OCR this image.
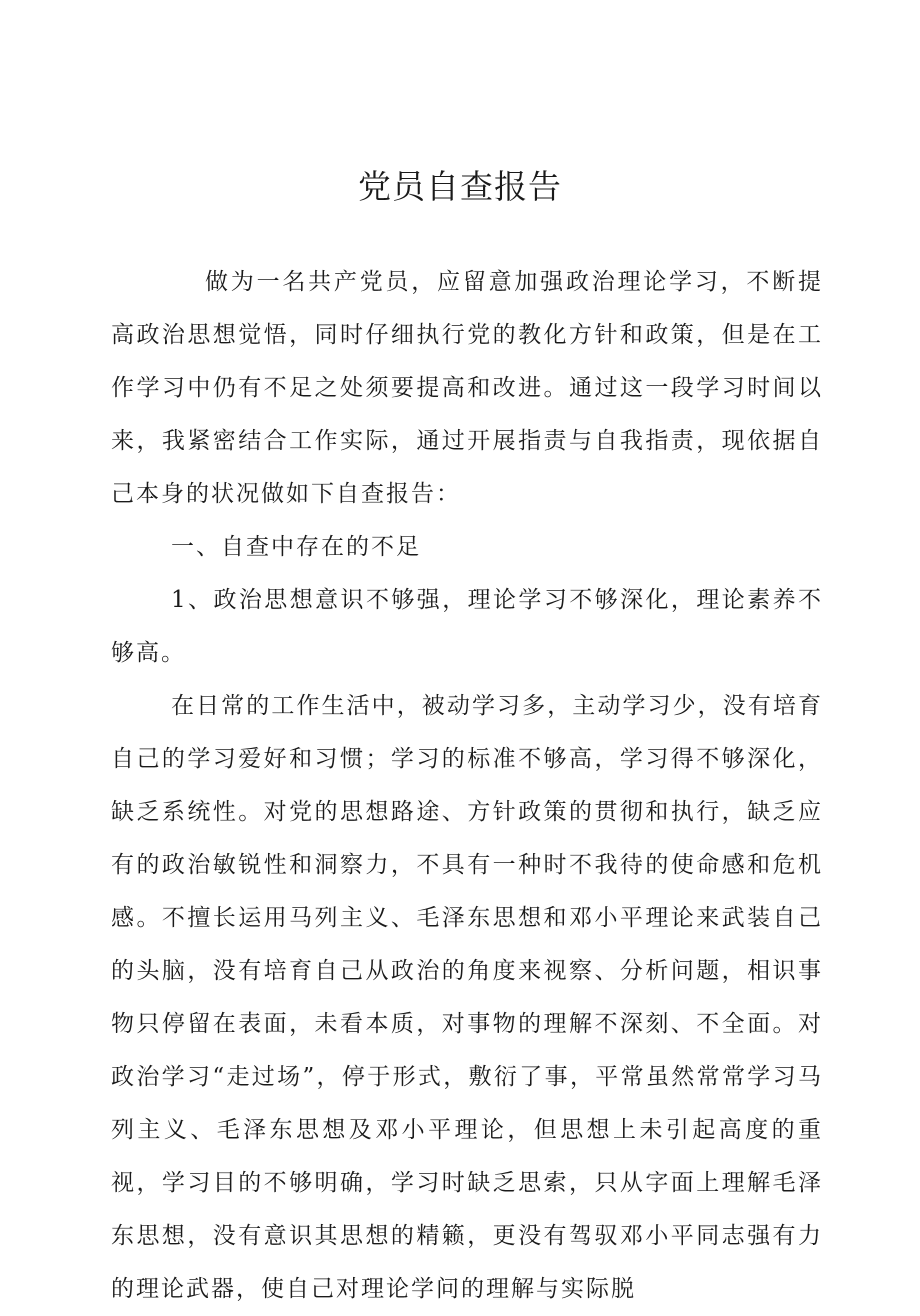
党员自查报告

做为一名共产党员，应留意加强政治理论学习，不断提高政治思想觉悟，同时仔细执行党的教化方针和政策，但是在工作学习中仍有不足之处须要提高和改进。通过这一段学习时间以来，我紧密结合工作实际，通过开展指责与自我指责，现依据自己本身的状况做如下自查报告：

一、自查中存在的不足

1、政治思想意识不够强，理论学习不够深化，理论素养不够高。

在日常的工作生活中，被动学习多，主动学习少，没有培育自己的学习爱好和习惯；学习的标准不够高，学习得不够深化，缺乏系统性。对党的思想路途、方针政策的贯彻和执行，缺乏应有的政治敏锐性和洞察力，不具有一种时不我待的使命感和危机感。不擅长运用马列主义、毛泽东思想和邓小平理论来武装自己的头脑，没有培育自己从政治的角度来视察、分析问题，相识事物只停留在表面，未看本质，对事物的理解不深刻、不全面。对政治学习“走过场”，停于形式，敷衍了事，平常虽然常常学习马列主义、毛泽东思想及邓小平理论，但思想上未引起高度的重视，学习目的不够明确，学习时缺乏思索，只从字面上理解毛泽东思想，没有意识其思想的精籁，更没有驾驭邓小平同志强有力的理论武器，使自己对理论学问的理解与实际脱
